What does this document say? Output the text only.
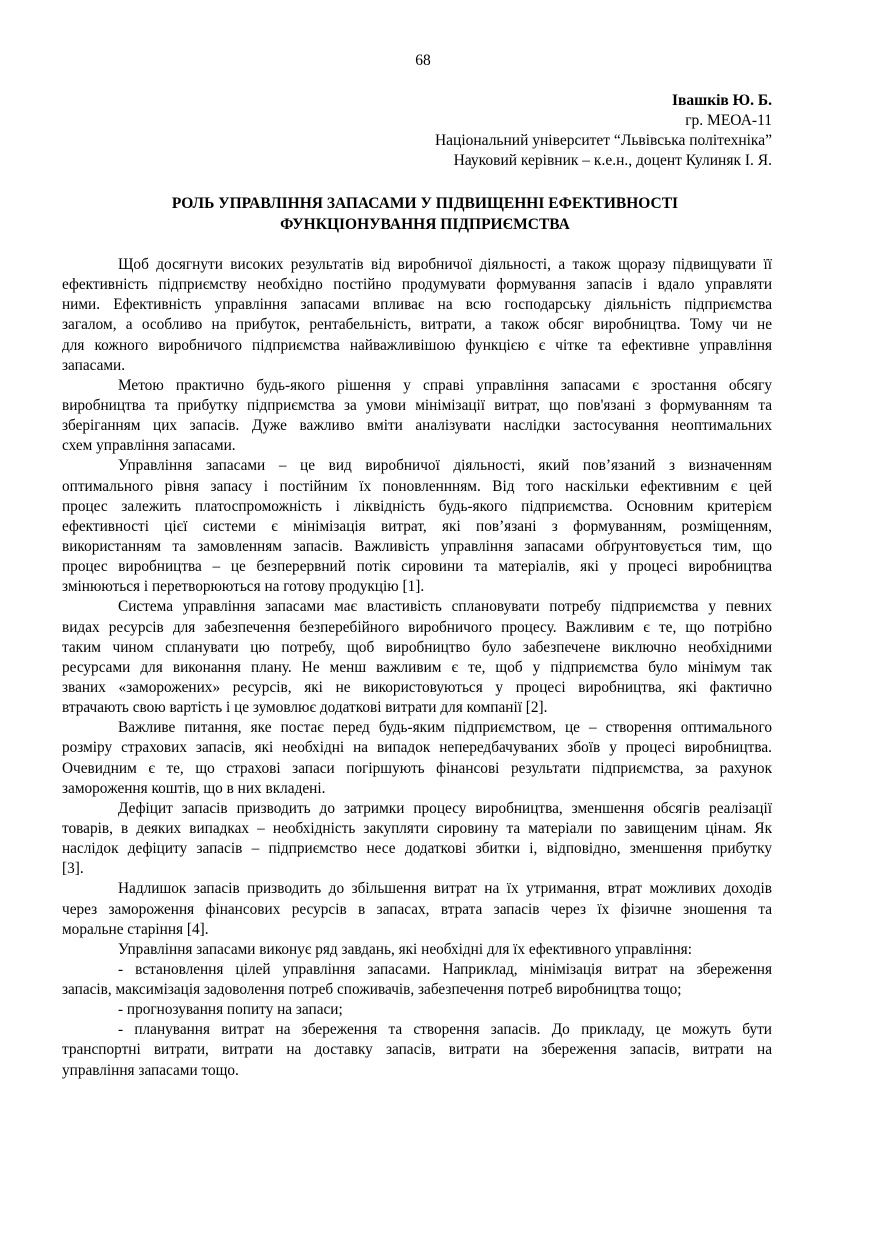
68
Івашків Ю. Б.
гр. МЕОА-11
Національний університет “Львівська політехніка”
Науковий керівник – к.е.н., доцент Кулиняк І. Я.
РОЛЬ УПРАВЛІННЯ ЗАПАСАМИ У ПІДВИЩЕННІ ЕФЕКТИВНОСТІ
ФУНКЦІОНУВАННЯ ПІДПРИЄМСТВА
Щоб досягнути високих результатів від виробничої діяльності, а також щоразу підвищувати її
ефективність підприємству необхідно постійно продумувати формування запасів і вдало управляти
ними. Ефективність управління запасами впливає на всю господарську діяльність підприємства
загалом, а особливо на прибуток, рентабельність, витрати, а також обсяг виробництва. Тому чи не
для кожного виробничого підприємства найважливішою функцією є чітке та ефективне управління
запасами.
Метою практично будь-якого рішення у справі управління запасами є зростання обсягу
виробництва та прибутку підприємства за умови мінімізації витрат, що пов'язані з формуванням та
зберіганням цих запасів. Дуже важливо вміти аналізувати наслідки застосування неоптимальних
схем управління запасами.
Управління запасами – це вид виробничої діяльності, який пов’язаний з визначенням
оптимального рівня запасу і постійним їх поновленнням. Від того наскільки ефективним є цей
процес залежить платоспроможність і ліквідність будь-якого підприємства. Основним критерієм
ефективності цієї системи є мінімізація витрат, які пов’язані з формуванням, розміщенням,
використанням та замовленням запасів. Важливість управління запасами обґрунтовується тим, що
процес виробництва – це безперервний потік сировини та матеріалів, які у процесі виробництва
змінюються і перетворюються на готову продукцію [1].
Система управління запасами має властивість сплановувати потребу підприємства у певних
видах ресурсів для забезпечення безперебійного виробничого процесу. Важливим є те, що потрібно
таким чином спланувати цю потребу, щоб виробництво було забезпечене виключно необхідними
ресурсами для виконання плану. Не менш важливим є те, щоб у підприємства було мінімум так
званих «заморожених» ресурсів, які не використовуються у процесі виробництва, які фактично
втрачають свою вартість і це зумовлює додаткові витрати для компанії [2].
Важливе питання, яке постає перед будь-яким підприємством, це – створення оптимального
розміру страхових запасів, які необхідні на випадок непередбачуваних збоїв у процесі виробництва.
Очевидним є те, що страхові запаси погіршують фінансові результати підприємства, за рахунок
замороження коштів, що в них вкладені.
Дефіцит запасів призводить до затримки процесу виробництва, зменшення обсягів реалізації
товарів, в деяких випадках – необхідність закупляти сировину та матеріали по завищеним цінам. Як
наслідок дефіциту запасів – підприємство несе додаткові збитки і, відповідно, зменшення прибутку
[3].
Надлишок запасів призводить до збільшення витрат на їх утримання, втрат можливих доходів
через замороження фінансових ресурсів в запасах, втрата запасів через їх фізичне зношення та
моральне старіння [4].
Управління запасами виконує ряд завдань, які необхідні для їх ефективного управління:
- встановлення цілей управління запасами. Наприклад, мінімізація витрат на збереження
запасів, максимізація задоволення потреб споживачів, забезпечення потреб виробництва тощо;
- прогнозування попиту на запаси;
- планування витрат на збереження та створення запасів. До прикладу, це можуть бути
транспортні витрати, витрати на доставку запасів, витрати на збереження запасів, витрати на
управління запасами тощо.
